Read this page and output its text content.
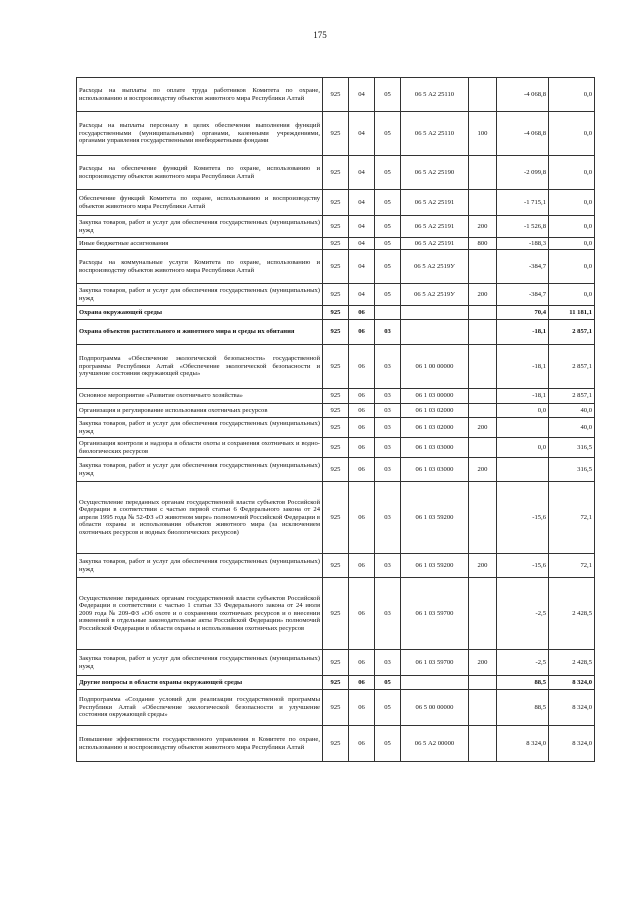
175
Расходы на выплаты по оплате труда работников Комитета по охране, использованию и воспроизводству объектов животного мира Республики Алтай	925	04	05	06 5 А2 25110		-4 068,8	0,0
Расходы на выплаты персоналу в целях обеспечения выполнения функций государственными (муниципальными) органами, казенными учреждениями, органами управления государственными внебюджетными фондами	925	04	05	06 5 А2 25110	100	-4 068,8	0,0
Расходы на обеспечение функций Комитета по охране, использованию и воспроизводству объектов животного мира Республики Алтай	925	04	05	06 5 А2 25190		-2 099,8	0,0
Обеспечение функций Комитета по охране, использованию и воспроизводству объектов животного мира Республики Алтай	925	04	05	06 5 А2 25191		-1 715,1	0,0
Закупка товаров, работ и услуг для обеспечения государственных (муниципальных) нужд	925	04	05	06 5 А2 25191	200	-1 526,8	0,0
Иные бюджетные ассигнования	925	04	05	06 5 А2 25191	800	-188,3	0,0
Расходы на коммунальные услуги Комитета по охране, использованию и воспроизводству объектов животного мира Республики Алтай	925	04	05	06 5 А2 2519У		-384,7	0,0
Закупка товаров, работ и услуг для обеспечения государственных (муниципальных) нужд	925	04	05	06 5 А2 2519У	200	-384,7	0,0
Охрана окружающей среды	925	06				70,4	11 181,1
Охрана объектов растительного и животного мира и среды их обитания	925	06	03			-18,1	2 857,1
Подпрограмма «Обеспечение экологической безопасности» государственной программы Республики Алтай «Обеспечение экологической безопасности и улучшение состояния окружающей среды»	925	06	03	06 1 00 00000		-18,1	2 857,1
Основное мероприятие «Развитие охотничьего хозяйства»	925	06	03	06 1 03 00000		-18,1	2 857,1
Организация и регулирование использования охотничьих ресурсов	925	06	03	06 1 03 02000		0,0	40,0
Закупка товаров, работ и услуг для обеспечения государственных (муниципальных) нужд	925	06	03	06 1 03 02000	200		40,0
Организация контроля и надзора в области охоты и сохранения охотничьих и водно-биологических ресурсов	925	06	03	06 1 03 03000		0,0	316,5
Закупка товаров, работ и услуг для обеспечения государственных (муниципальных) нужд	925	06	03	06 1 03 03000	200		316,5
Осуществление переданных органам государственной власти субъектов Российской Федерации в соответствии с частью первой статьи 6 Федерального закона от 24 апреля 1995 года № 52-ФЗ «О животном мире» полномочий Российской Федерации в области охраны и использования объектов животного мира (за исключением охотничьих ресурсов и водных биологических ресурсов)	925	06	03	06 1 03 59200		-15,6	72,1
Закупка товаров, работ и услуг для обеспечения государственных (муниципальных) нужд	925	06	03	06 1 03 59200	200	-15,6	72,1
Осуществление переданных органам государственной власти субъектов Российской Федерации в соответствии с частью 1 статьи 33 Федерального закона от 24 июля 2009 года № 209-ФЗ «Об охоте и о сохранении охотничьих ресурсов и о внесении изменений в отдельные законодательные акты Российской Федерации» полномочий Российской Федерации в области охраны и использования охотничьих ресурсов	925	06	03	06 1 03 59700		-2,5	2 428,5
Закупка товаров, работ и услуг для обеспечения государственных (муниципальных) нужд	925	06	03	06 1 03 59700	200	-2,5	2 428,5
Другие вопросы в области охраны окружающей среды	925	06	05			88,5	8 324,0
Подпрограмма «Создание условий для реализации государственной программы Республики Алтай «Обеспечение экологической безопасности и улучшение состояния окружающей среды»	925	06	05	06 5 00 00000		88,5	8 324,0
Повышение эффективности государственного управления в Комитете по охране, использованию и воспроизводству объектов животного мира Республики Алтай	925	06	05	06 5 А2 00000		8 324,0	8 324,0
